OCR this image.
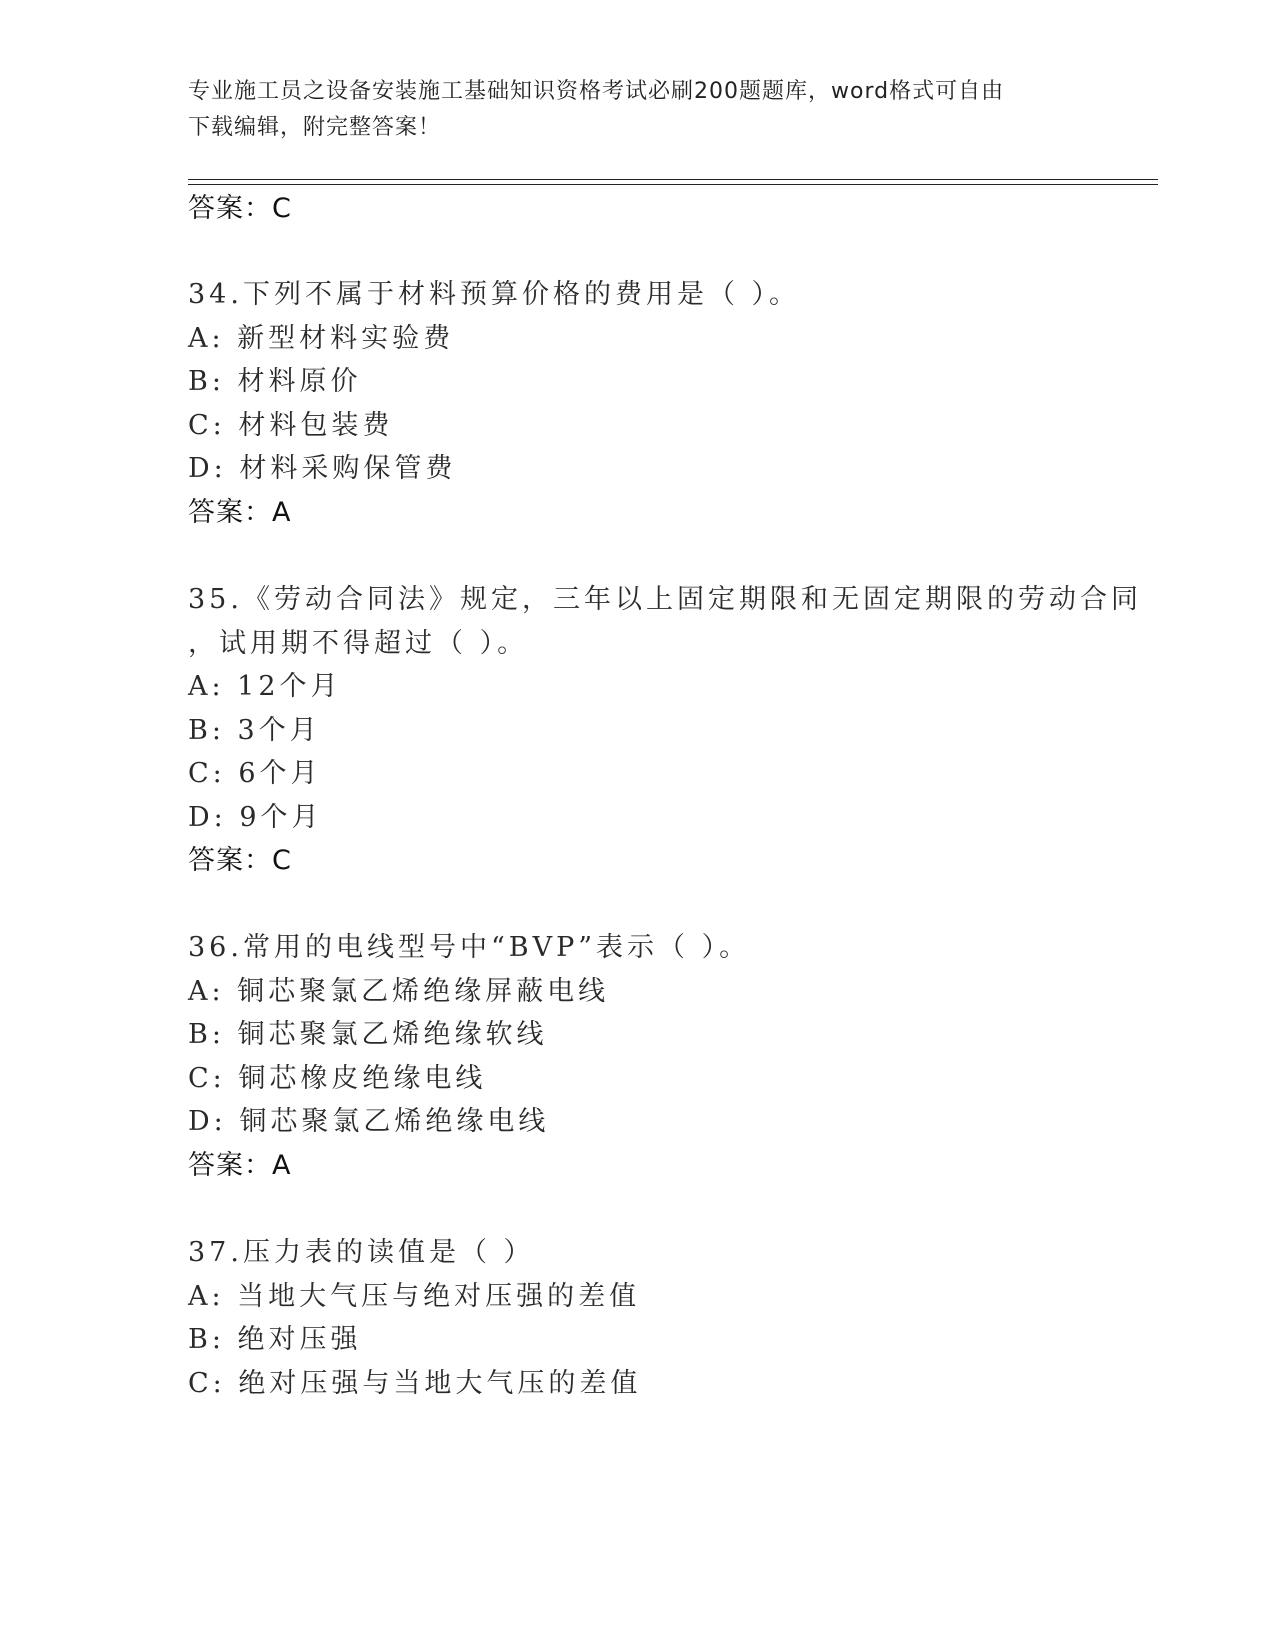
专业施工员之设备安装施工基础知识资格考试必刷200题题库，word格式可自由
下载编辑，附完整答案！
答案：C
34.下列不属于材料预算价格的费用是（ ）。
A: 新型材料实验费
B: 材料原价
C: 材料包装费
D: 材料采购保管费
答案：A
35.《劳动合同法》规定，三年以上固定期限和无固定期限的劳动合同
，试用期不得超过（ ）。
A: 12个月
B: 3个月
C: 6个月
D: 9个月
答案：C
36.常用的电线型号中“BVP”表示（ ）。
A: 铜芯聚氯乙烯绝缘屏蔽电线
B: 铜芯聚氯乙烯绝缘软线
C: 铜芯橡皮绝缘电线
D: 铜芯聚氯乙烯绝缘电线
答案：A
37.压力表的读值是（ ）
A: 当地大气压与绝对压强的差值
B: 绝对压强
C: 绝对压强与当地大气压的差值
